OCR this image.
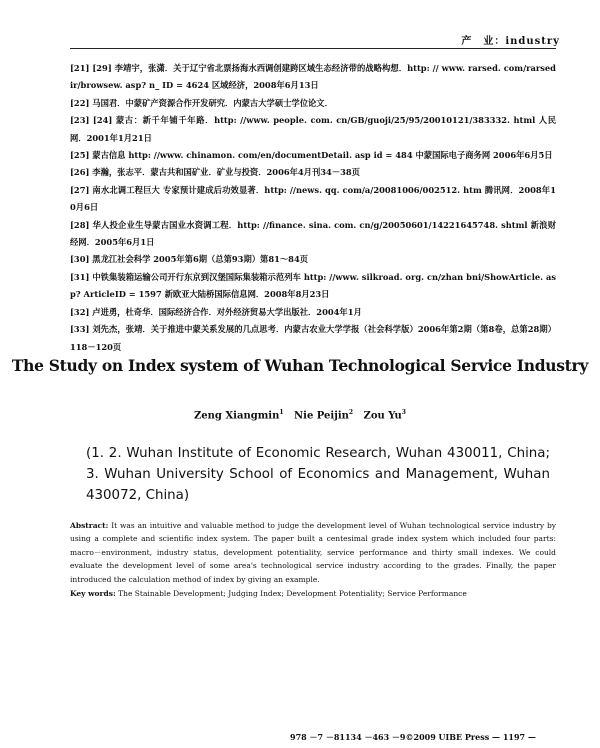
产　业：industry
[21] [29] 李靖宇，张潇．关于辽宁省北票扬海水西调创建跨区域生态经济带的战略构想．http: // www. rarsed. com/rarsedir/browsew. asp? n_ ID = 4624 区域经济，2008年6月13日
[22] 马国君．中蒙矿产资源合作开发研究．内蒙古大学硕士学位论文．
[23] [24] 蒙古：新千年铺千年路．http: //www. people. com. cn/GB/guoji/25/95/20010121/383332. html 人民网．2001年1月21日
[25] 蒙古信息 http: //www. chinamon. com/en/documentDetail. asp id = 484 中蒙国际电子商务网 2006年6月5日
[26] 李瀚，张志平．蒙古共和国矿业．矿业与投资．2006年4月刊34－38页
[27] 南水北调工程巨大 专家预计建成后功效显著．http: //news. qq. com/a/20081006/002512. htm 腾讯网．2008年10月6日
[28] 华人投企业生导蒙古国业水资调工程．http: //finance. sina. com. cn/g/20050601/14221645748. shtml 新浪财经网．2005年6月1日
[30] 黑龙江社会科学 2005年第6期（总第93期）第81～84页
[31] 中铁集装箱运输公司开行东京到汉堡国际集装箱示范列车 http: //www. silkroad. org. cn/zhan bni/ShowArticle. asp? ArticleID = 1597 新欧亚大陆桥国际信息网．2008年8月23日
[32] 卢进勇，杜奇华．国际经济合作．对外经济贸易大学出版社．2004年1月
[33] 刘先杰，张靖．关于推进中蒙关系发展的几点思考．内蒙古农业大学学报（社会科学版）2006年第2期（第8卷，总第28期）118－120页
The Study on Index system of Wuhan Technological Service Industry
Zeng Xiangmin$^1$ Nie Peijin$^2$ Zou Yu$^3$

(1. 2. Wuhan Institute of Economic Research, Wuhan 430011, China; 3. Wuhan University School of Economics and Management, Wuhan 430072, China)

Abstract: It was an intuitive and valuable method to judge the development level of Wuhan technological service industry by using a complete and scientific index system. The paper built a centesimal grade index system which included four parts: macro－environment, industry status, development potentiality, service performance and thirty small indexes. We could evaluate the development level of some area's technological service industry according to the grades. Finally, the paper introduced the calculation method of index by giving an example.

Key words: The Stainable Development; Judging Index; Development Potentiality; Service Performance

978 －7 －81134 －463 －9©2009 UIBE Press — 1197 —
